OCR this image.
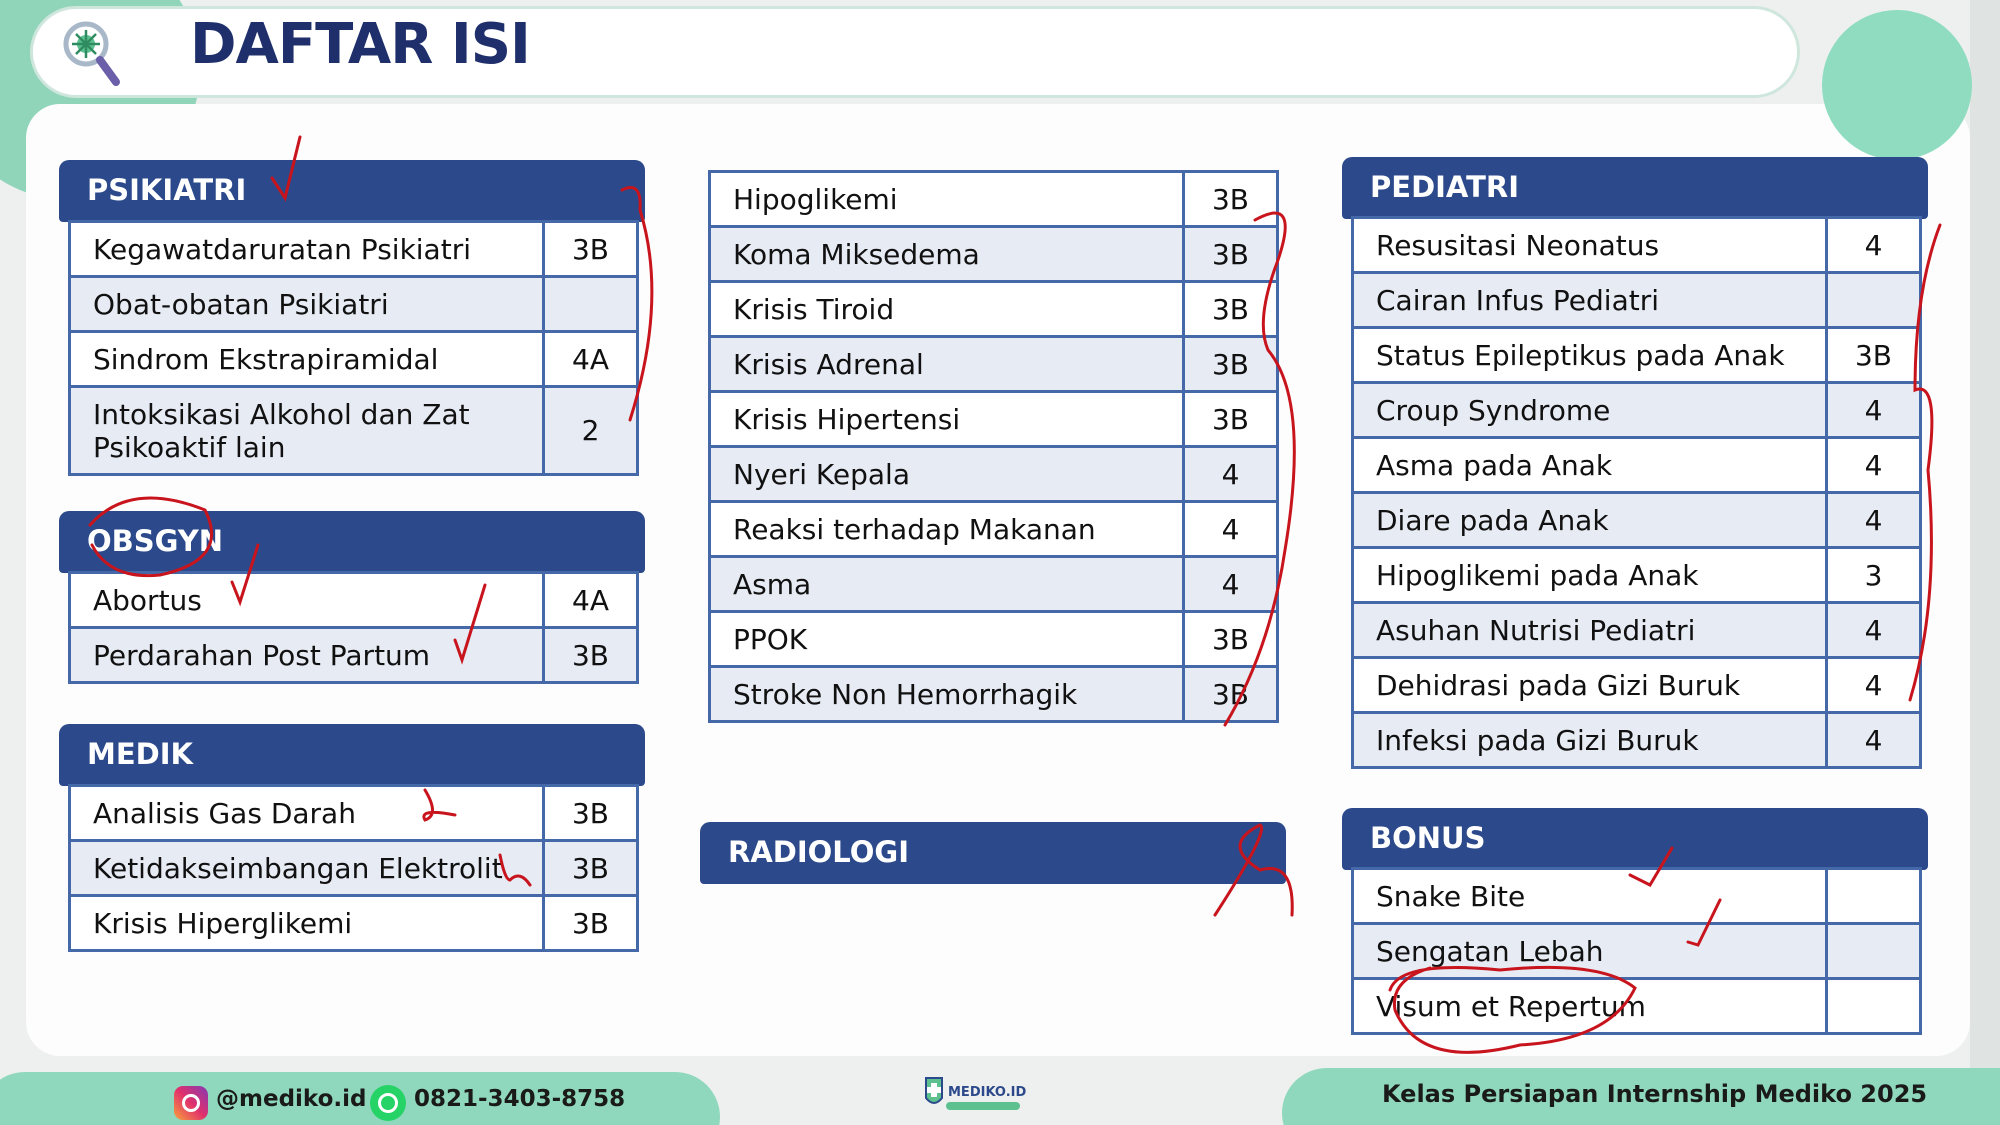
DAFTAR ISI
PSIKIATRI
Kegawatdaruratan Psikiatri	3B
Obat-obatan Psikiatri	
Sindrom Ekstrapiramidal	4A
Intoksikasi Alkohol dan Zat Psikoaktif lain	2
OBSGYN
Abortus	4A
Perdarahan Post Partum	3B
MEDIK
Analisis Gas Darah	3B
Ketidakseimbangan Elektrolit	3B
Krisis Hiperglikemi	3B
Hipoglikemi	3B
Koma Miksedema	3B
Krisis Tiroid	3B
Krisis Adrenal	3B
Krisis Hipertensi	3B
Nyeri Kepala	4
Reaksi terhadap Makanan	4
Asma	4
PPOK	3B
Stroke Non Hemorrhagik	3B
RADIOLOGI
PEDIATRI
Resusitasi Neonatus	4
Cairan Infus Pediatri	
Status Epileptikus pada Anak	3B
Croup Syndrome	4
Asma pada Anak	4
Diare pada Anak	4
Hipoglikemi pada Anak	3
Asuhan Nutrisi Pediatri	4
Dehidrasi pada Gizi Buruk	4
Infeksi pada Gizi Buruk	4
BONUS
Snake Bite	
Sengatan Lebah	
Visum et Repertum	
@mediko.id 0821-3403-8758	MEDIKO.ID	Kelas Persiapan Internship Mediko 2025
